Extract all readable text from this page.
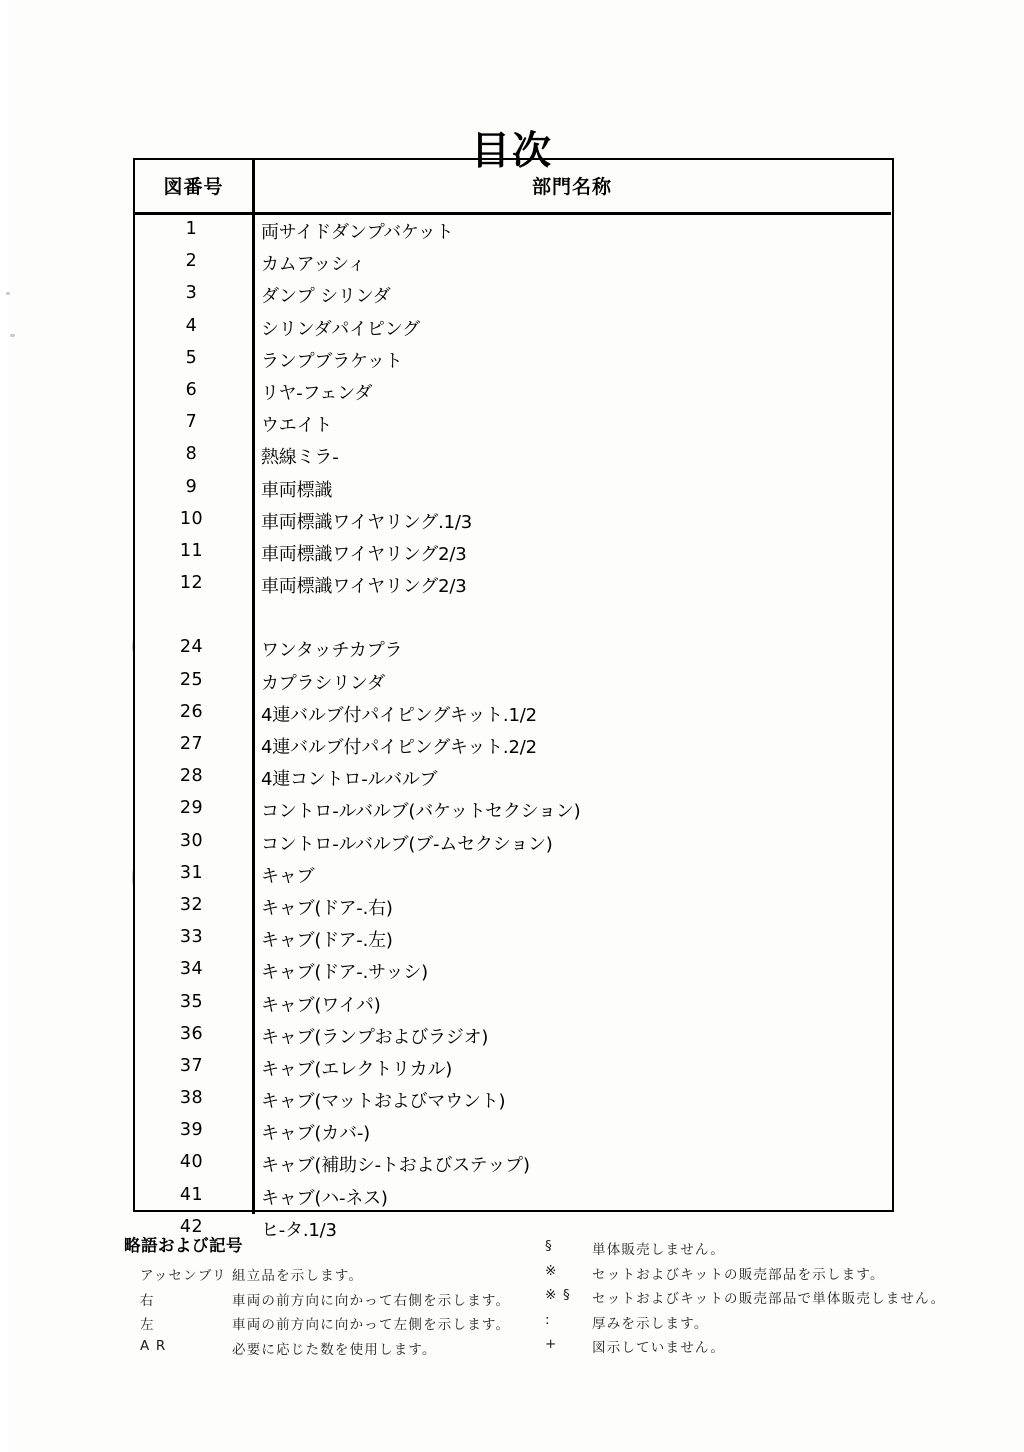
目次
図番号	部門名称
1	両サイドダンプバケット
2	カムアッシィ
3	ダンプ シリンダ
4	シリンダパイピング
5	ランプブラケット
6	リヤ-フェンダ
7	ウエイト
8	熱線ミラ-
9	車両標識
10	車両標識ワイヤリング.1/3
11	車両標識ワイヤリング2/3
12	車両標識ワイヤリング2/3
24	ワンタッチカプラ
25	カプラシリンダ
26	4連バルブ付パイピングキット.1/2
27	4連バルブ付パイピングキット.2/2
28	4連コントロ-ルバルブ
29	コントロ-ルバルブ(バケットセクション)
30	コントロ-ルバルブ(ブ-ムセクション)
31	キャブ
32	キャブ(ドア-.右)
33	キャブ(ドア-.左)
34	キャブ(ドア-.サッシ)
35	キャブ(ワイパ)
36	キャブ(ランプおよびラジオ)
37	キャブ(エレクトリカル)
38	キャブ(マットおよびマウント)
39	キャブ(カバ-)
40	キャブ(補助シ-トおよびステップ)
41	キャブ(ハ-ネス)
42	ヒ-タ.1/3
略語および記号
アッセンブリ 組立品を示します。
右	車両の前方向に向かって右側を示します。
左	車両の前方向に向かって左側を示します。
A R	必要に応じた数を使用します。
§	単体販売しません。
※	セットおよびキットの販売部品を示します。
※ § セットおよびキットの販売部品で単体販売しません。
:	厚みを示します。
+	図示していません。
